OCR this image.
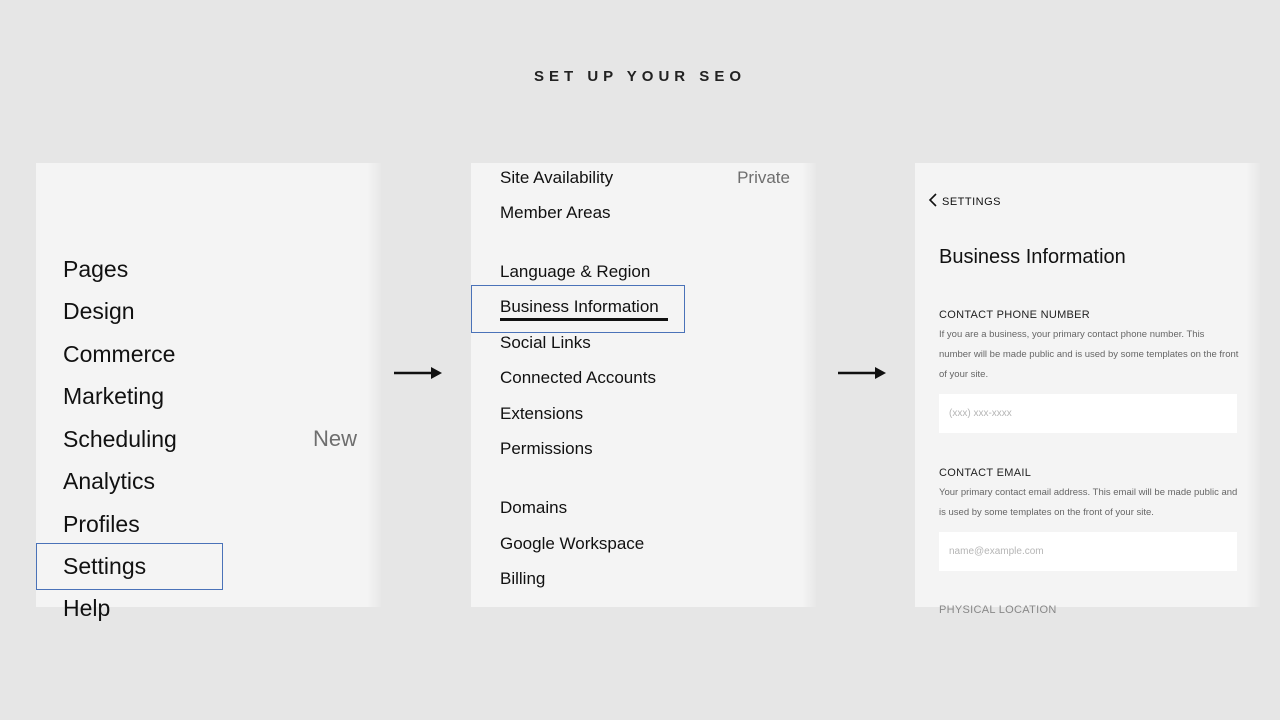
SET UP YOUR SEO
Pages
Design
Commerce
Marketing
Scheduling	New
Analytics
Profiles
Settings
Help
Site Availability	Private
Member Areas
Language & Region
Business Information
Social Links
Connected Accounts
Extensions
Permissions
Domains
Google Workspace
Billing
SETTINGS
Business Information
CONTACT PHONE NUMBER
If you are a business, your primary contact phone number. This number will be made public and is used by some templates on the front of your site.
(xxx) xxx-xxxx
CONTACT EMAIL
Your primary contact email address. This email will be made public and is used by some templates on the front of your site.
name@example.com
PHYSICAL LOCATION
